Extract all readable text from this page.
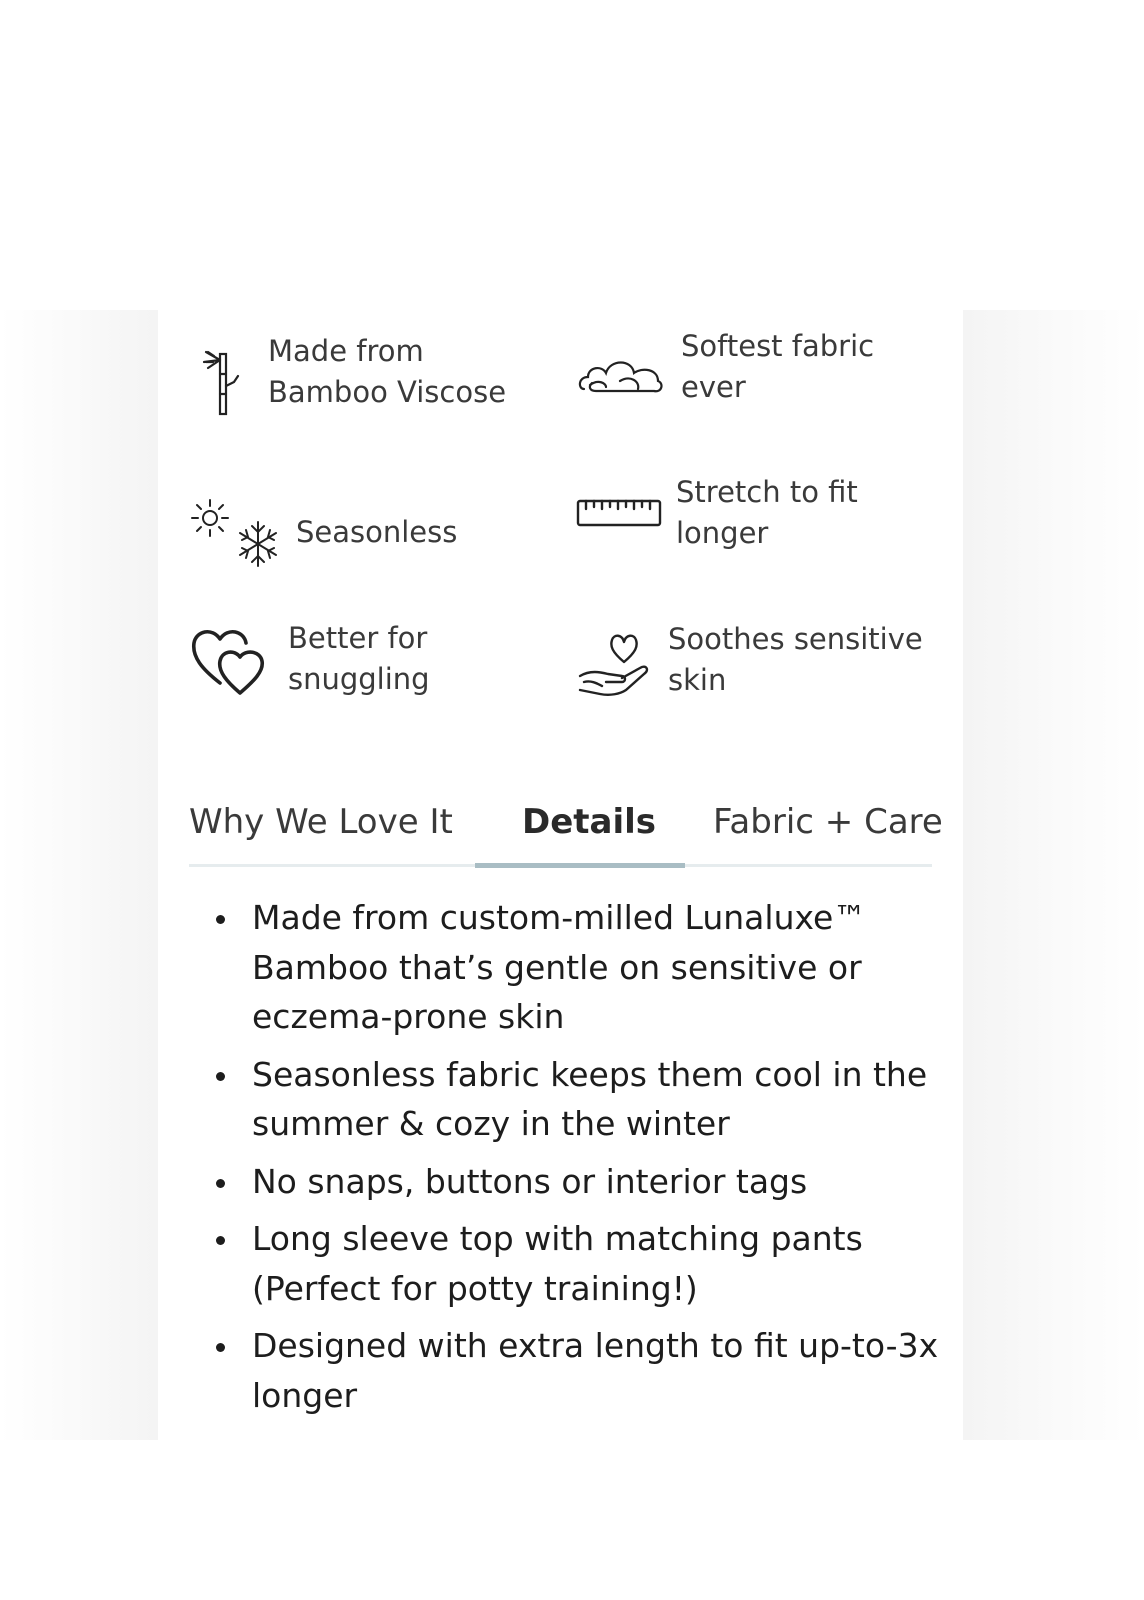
Made from
Bamboo Viscose
Softest fabric
ever
Seasonless
Stretch to fit
longer
Better for
snuggling
Soothes sensitive
skin
Why We Love It Details Fabric + Care
Made from custom-milled Lunaluxe™ Bamboo that’s gentle on sensitive or eczema-prone skin
Seasonless fabric keeps them cool in the summer & cozy in the winter
No snaps, buttons or interior tags
Long sleeve top with matching pants (Perfect for potty training!)
Designed with extra length to fit up-to-3x longer
